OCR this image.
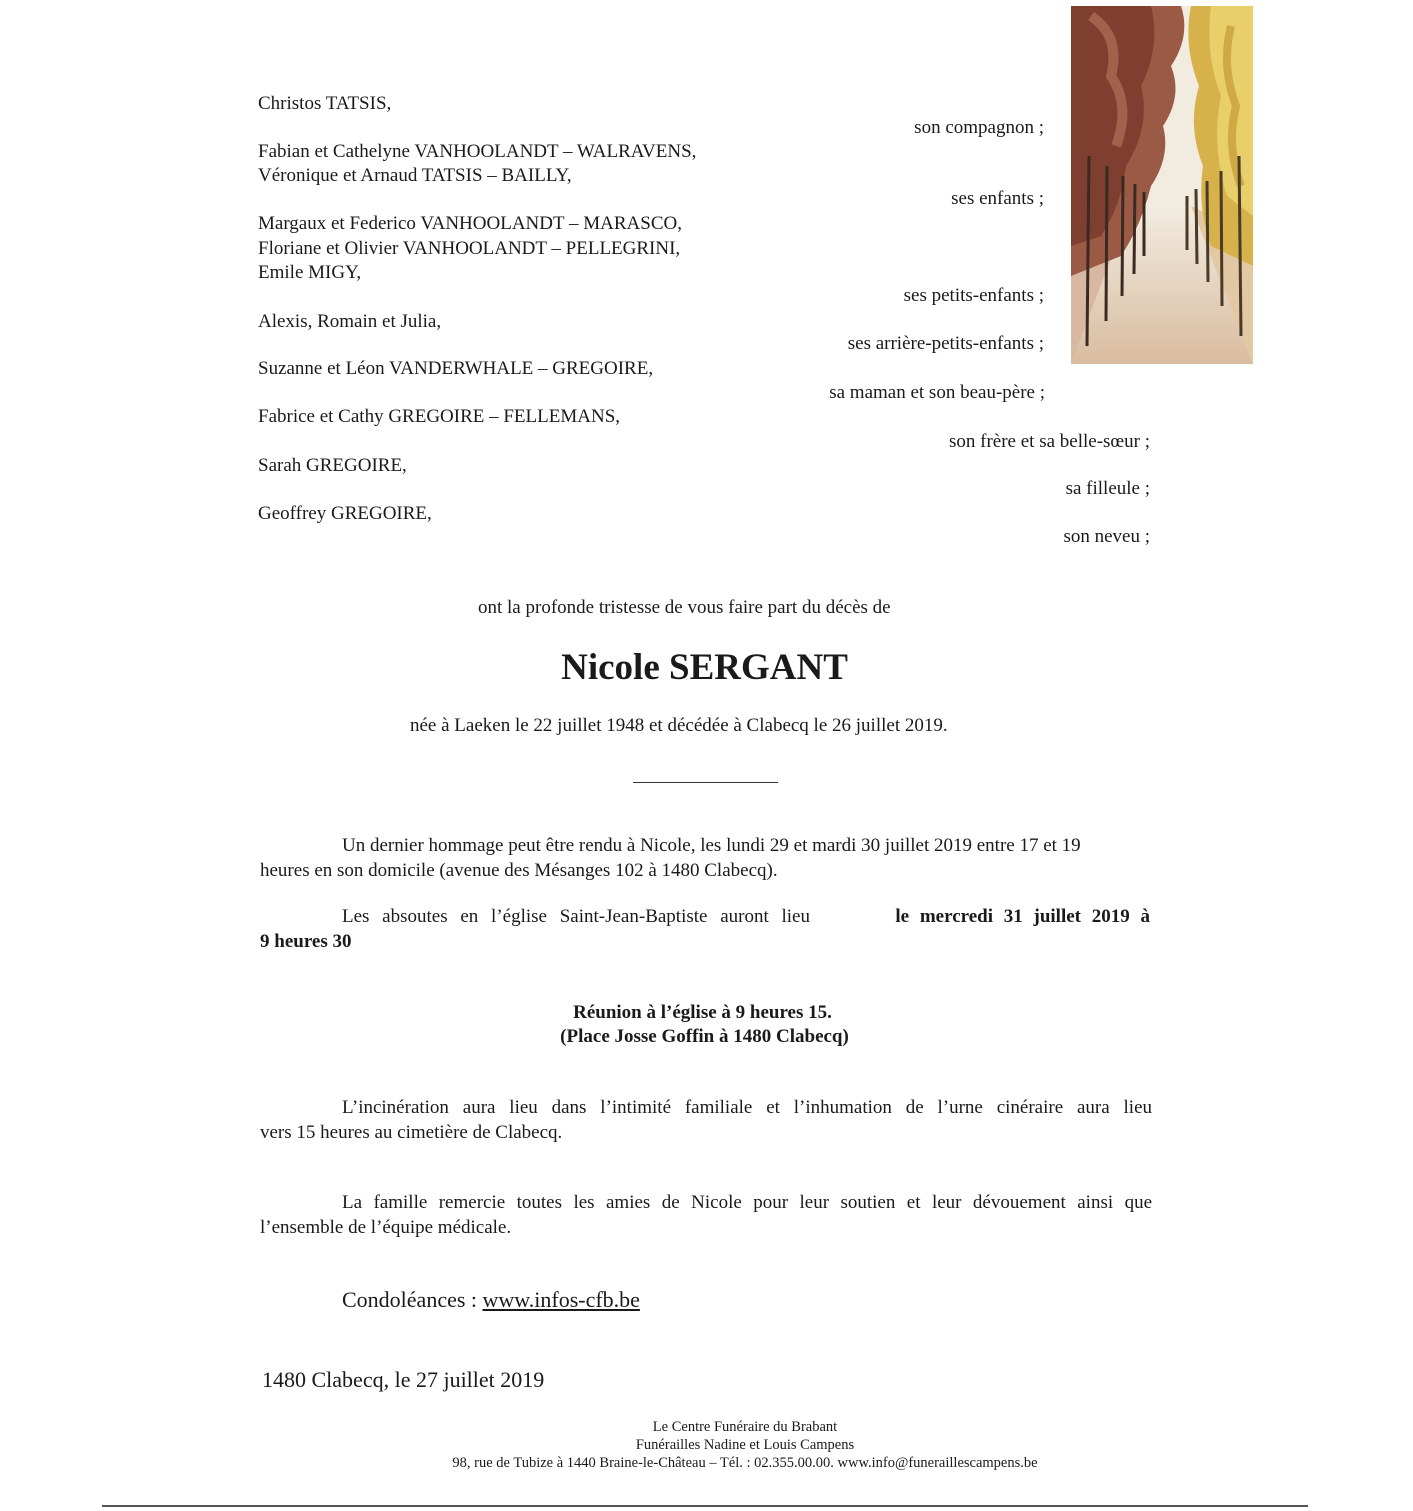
Christos TATSIS,
Fabian et Cathelyne VANHOOLANDT – WALRAVENS,
Véronique et Arnaud TATSIS – BAILLY,
Margaux et Federico VANHOOLANDT – MARASCO,
Floriane et Olivier VANHOOLANDT – PELLEGRINI,
Emile MIGY,
Alexis, Romain et Julia,
Suzanne et Léon VANDERWHALE – GREGOIRE,
Fabrice et Cathy GREGOIRE – FELLEMANS,
Sarah GREGOIRE,
Geoffrey GREGOIRE,
son compagnon ;
ses enfants ;
ses petits-enfants ;
ses arrière-petits-enfants ;
sa maman et son beau-père ;
son frère et sa belle-sœur ;
sa filleule ;
son neveu ;
ont la profonde tristesse de vous faire part du décès de
Nicole SERGANT
née à Laeken le 22 juillet 1948 et décédée à Clabecq le 26 juillet 2019.
Un dernier hommage peut être rendu à Nicole, les lundi 29 et mardi 30 juillet 2019 entre 17 et 19
heures en son domicile (avenue des Mésanges 102 à 1480 Clabecq).
Les absoutes en l’église Saint-Jean-Baptiste auront lieu	le mercredi 31 juillet 2019 à
9 heures 30
Réunion à l’église à 9 heures 15.
(Place Josse Goffin à 1480 Clabecq)
L’incinération aura lieu dans l’intimité familiale et l’inhumation de l’urne cinéraire aura lieu
vers 15 heures au cimetière de Clabecq.
La famille remercie toutes les amies de Nicole pour leur soutien et leur dévouement ainsi que
l’ensemble de l’équipe médicale.
Condoléances : www.infos-cfb.be
1480 Clabecq, le 27 juillet 2019
Le Centre Funéraire du Brabant
Funérailles Nadine et Louis Campens
98, rue de Tubize à 1440 Braine-le-Château – Tél. : 02.355.00.00. www.info@funeraillescampens.be
